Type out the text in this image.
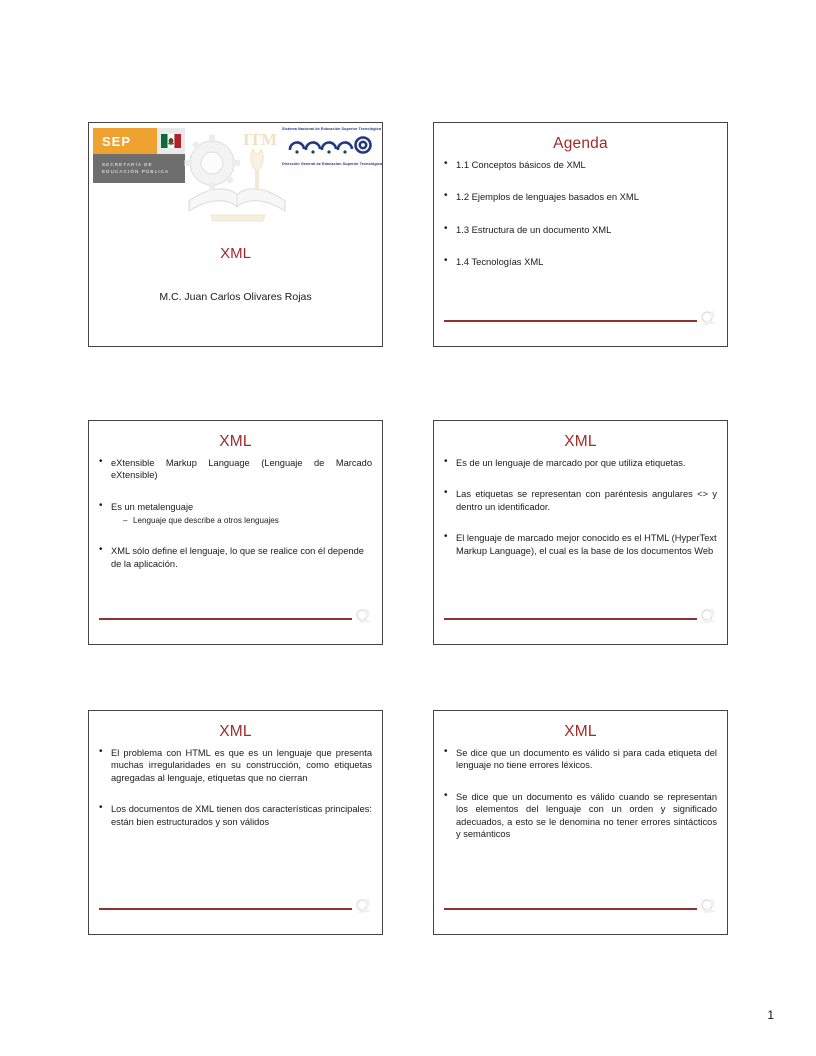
SEP
SECRETARÍA DE
EDUCACIÓN PÚBLICA
ITM
Sistema Nacional de Educación Superior Tecnológica
Dirección General de Educación Superior Tecnológica
XML
M.C. Juan Carlos Olivares Rojas
Agenda
• 1.1 Conceptos básicos de XML
• 1.2 Ejemplos de lenguajes basados en XML
• 1.3 Estructura de un documento XML
• 1.4 Tecnologías XML
XML
• eXtensible Markup Language (Lenguaje de Marcado eXtensible)
• Es un metalenguaje
– Lenguaje que describe a otros lenguajes
• XML sólo define el lenguaje, lo que se realice con él depende de la aplicación.
XML
• Es de un lenguaje de marcado por que utiliza etiquetas.
• Las etiquetas se representan con paréntesis angulares <> y dentro un identificador.
• El lenguaje de marcado mejor conocido es el HTML (HyperText Markup Language), el cual es la base de los documentos Web
XML
• El problema con HTML es que es un lenguaje que presenta muchas irregularidades en su construcción, como etiquetas agregadas al lenguaje, etiquetas que no cierran
• Los documentos de XML tienen dos características principales: están bien estructurados y son válidos
XML
• Se dice que un documento es válido si para cada etiqueta del lenguaje no tiene errores léxicos.
• Se dice que un documento es válido cuando se representan los elementos del lenguaje con un orden y significado adecuados, a esto se le denomina no tener errores sintácticos y semánticos
1
